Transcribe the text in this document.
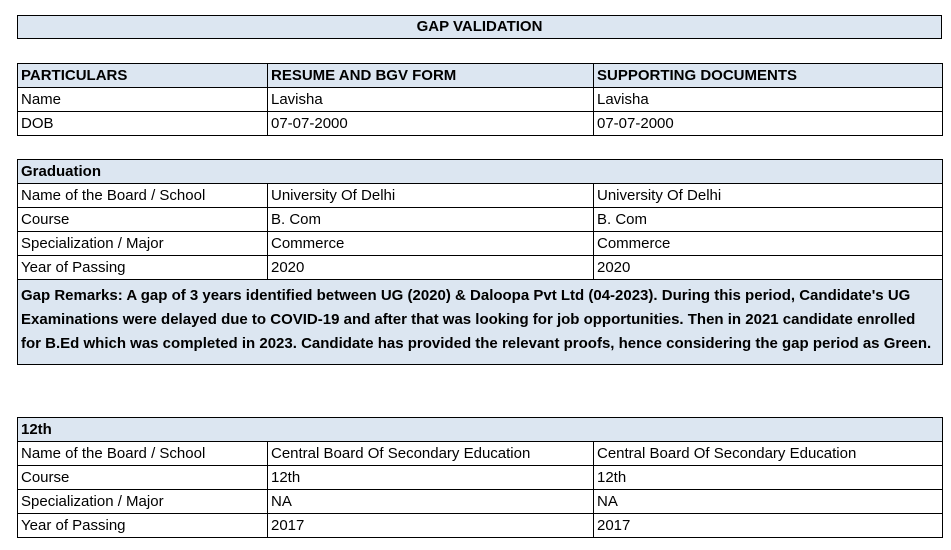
GAP VALIDATION
PARTICULARS	RESUME AND BGV FORM	SUPPORTING DOCUMENTS
Name	Lavisha	Lavisha
DOB	07-07-2000	07-07-2000
Graduation		
Name of the Board / School	University Of Delhi	University Of Delhi
Course	B. Com	B. Com
Specialization / Major	Commerce	Commerce
Year of Passing	2020	2020
Gap Remarks: A gap of 3 years identified between UG (2020) & Daloopa Pvt Ltd (04-2023). During this period, Candidate's UG Examinations were delayed due to COVID-19 and after that was looking for job opportunities. Then in 2021 candidate enrolled for B.Ed which was completed in 2023. Candidate has provided the relevant proofs, hence considering the gap period as Green.		
12th		
Name of the Board / School	Central Board Of Secondary Education	Central Board Of Secondary Education
Course	12th	12th
Specialization / Major	NA	NA
Year of Passing	2017	2017
